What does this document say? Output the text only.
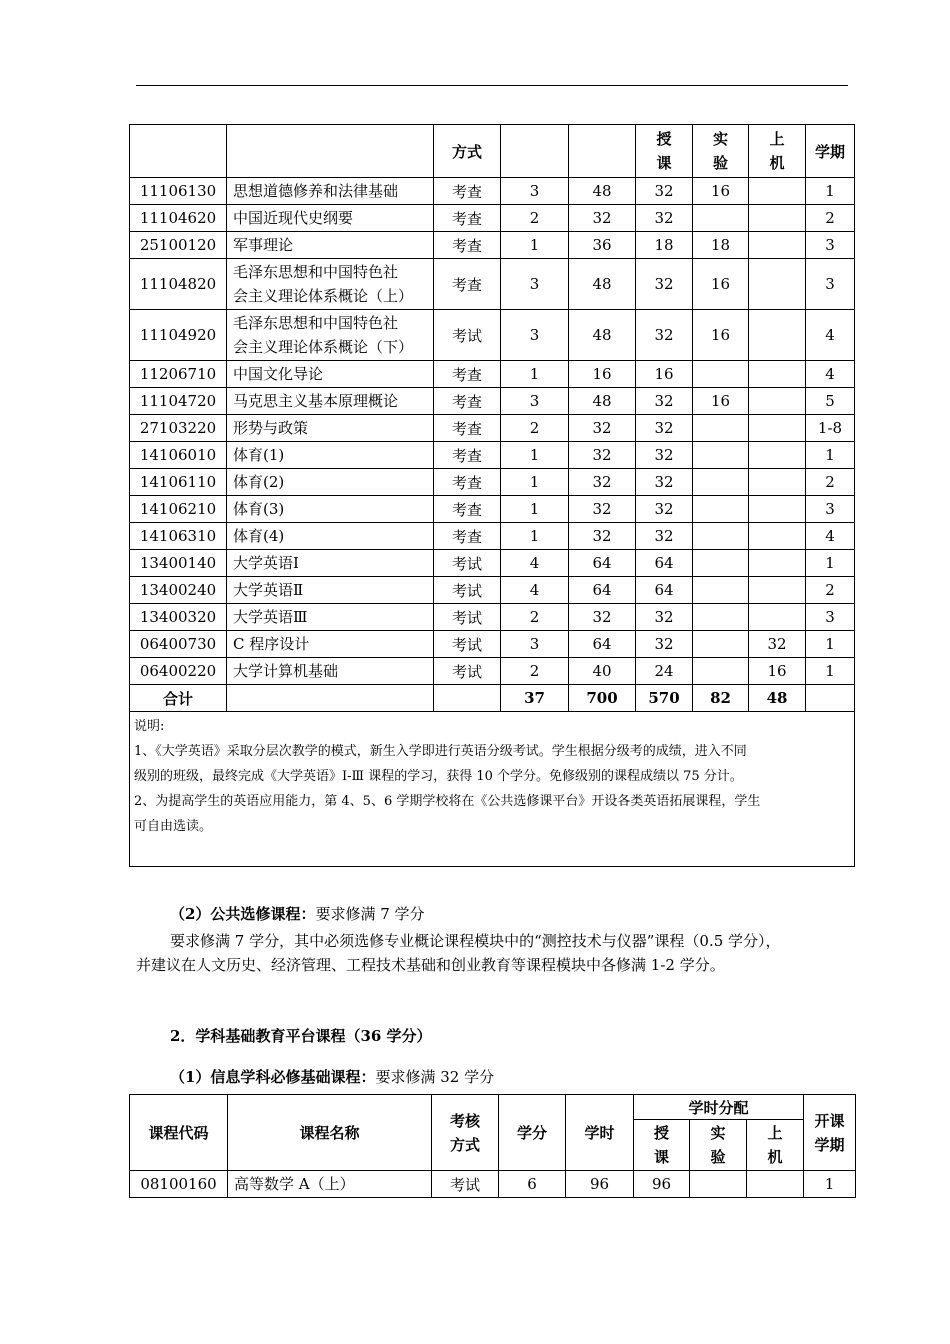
		方式			授课	实验	上机	学期
11106130	思想道德修养和法律基础	考查	3	48	32	16		1
11104620	中国近现代史纲要	考查	2	32	32			2
25100120	军事理论	考查	1	36	18	18		3
11104820	毛泽东思想和中国特色社
会主义理论体系概论（上）	考查	3	48	32	16		3
11104920	毛泽东思想和中国特色社
会主义理论体系概论（下）	考试	3	48	32	16		4
11206710	中国文化导论	考查	1	16	16			4
11104720	马克思主义基本原理概论	考查	3	48	32	16		5
27103220	形势与政策	考查	2	32	32			1-8
14106010	体育(1)	考查	1	32	32			1
14106110	体育(2)	考查	1	32	32			2
14106210	体育(3)	考查	1	32	32			3
14106310	体育(4)	考查	1	32	32			4
13400140	大学英语Ⅰ	考试	4	64	64			1
13400240	大学英语Ⅱ	考试	4	64	64			2
13400320	大学英语Ⅲ	考试	2	32	32			3
06400730	C 程序设计	考试	3	64	32		32	1
06400220	大学计算机基础	考试	2	40	24		16	1
合计			37	700	570	82	48	

说明:
1、《大学英语》采取分层次教学的模式，新生入学即进行英语分级考试。学生根据分级考的成绩，进入不同
级别的班级，最终完成《大学英语》Ⅰ-Ⅲ 课程的学习，获得 10 个学分。免修级别的课程成绩以 75 分计。
2、为提高学生的英语应用能力，第 4、5、6 学期学校将在《公共选修课平台》开设各类英语拓展课程，学生
可自由选读。								
（2）公共选修课程：要求修满 7 学分
要求修满 7 学分，其中必须选修专业概论课程模块中的“测控技术与仪器”课程（0.5 学分），
并建议在人文历史、经济管理、工程技术基础和创业教育等课程模块中各修满 1-2 学分。
2．学科基础教育平台课程（36 学分）
（1）信息学科必修基础课程：要求修满 32 学分
课程代码	课程名称	考核方式	学分	学时	学时分配			开课学期
					授课	实验	上机	
08100160	高等数学 A（上）	考试	6	96	96			1
